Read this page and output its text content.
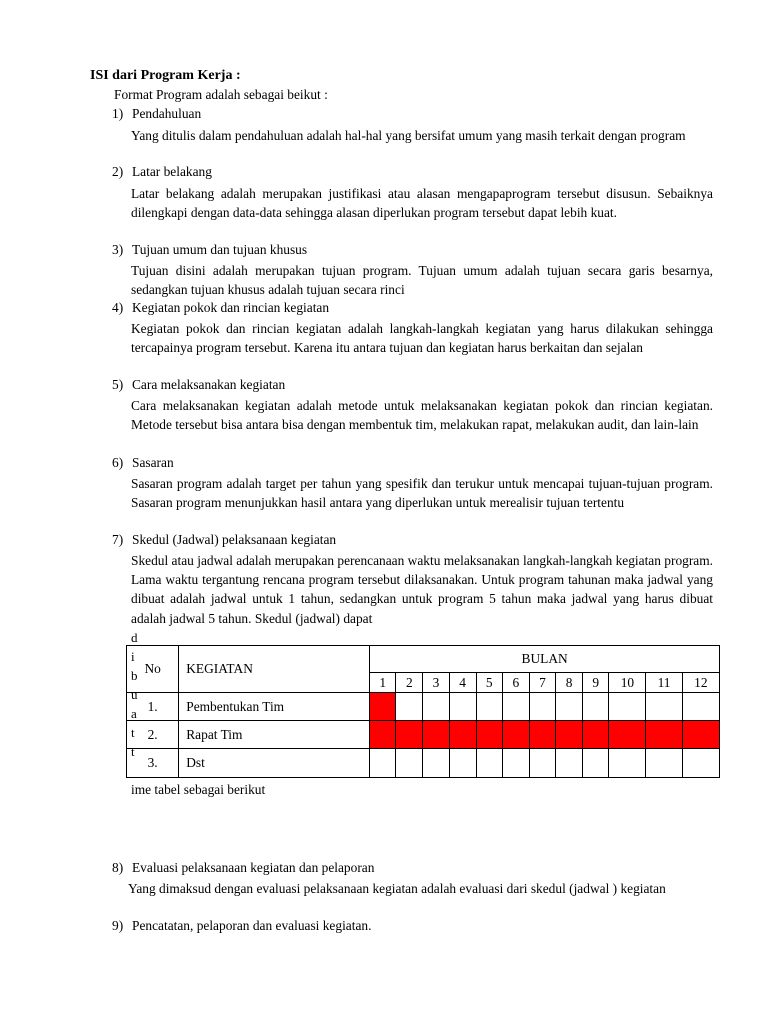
ISI dari Program Kerja :
Format Program adalah sebagai beikut :
1) Pendahuluan
Yang ditulis dalam pendahuluan adalah hal-hal yang bersifat umum yang masih terkait dengan program
2) Latar belakang
Latar belakang adalah merupakan justifikasi atau alasan mengapaprogram tersebut disusun. Sebaiknya dilengkapi dengan data-data sehingga alasan diperlukan program tersebut dapat lebih kuat.
3) Tujuan umum dan tujuan khusus
Tujuan disini adalah merupakan tujuan program. Tujuan umum adalah tujuan secara garis besarnya, sedangkan tujuan khusus adalah tujuan secara rinci
4) Kegiatan pokok dan rincian kegiatan
Kegiatan pokok dan rincian kegiatan adalah langkah-langkah kegiatan yang harus dilakukan sehingga tercapainya program tersebut. Karena itu antara tujuan dan kegiatan harus berkaitan dan sejalan
5) Cara melaksanakan kegiatan
Cara melaksanakan kegiatan adalah metode untuk melaksanakan kegiatan pokok dan rincian kegiatan. Metode tersebut bisa antara bisa dengan membentuk tim, melakukan rapat, melakukan audit, dan lain-lain
6) Sasaran
Sasaran program adalah target per tahun yang spesifik dan terukur untuk mencapai tujuan-tujuan program. Sasaran program menunjukkan hasil antara yang diperlukan untuk merealisir tujuan tertentu
7) Skedul (Jadwal) pelaksanaan kegiatan
Skedul atau jadwal adalah merupakan perencanaan waktu melaksanakan langkah-langkah kegiatan program. Lama waktu tergantung rencana program tersebut dilaksanakan. Untuk program tahunan maka jadwal yang dibuat adalah jadwal untuk 1 tahun, sedangkan untuk program 5 tahun maka jadwal yang harus dibuat adalah jadwal 5 tahun. Skedul (jadwal) dapat
d
i
b
u
a
t
t
No	KEGIATAN	BULAN											
		1	2	3	4	5	6	7	8	9	10	11	12
1.	Pembentukan Tim												
2.	Rapat Tim												
3.	Dst												
ime tabel sebagai berikut
8) Evaluasi pelaksanaan kegiatan dan pelaporan
Yang dimaksud dengan evaluasi pelaksanaan kegiatan adalah evaluasi dari skedul (jadwal ) kegiatan
9) Pencatatan, pelaporan dan evaluasi kegiatan.
